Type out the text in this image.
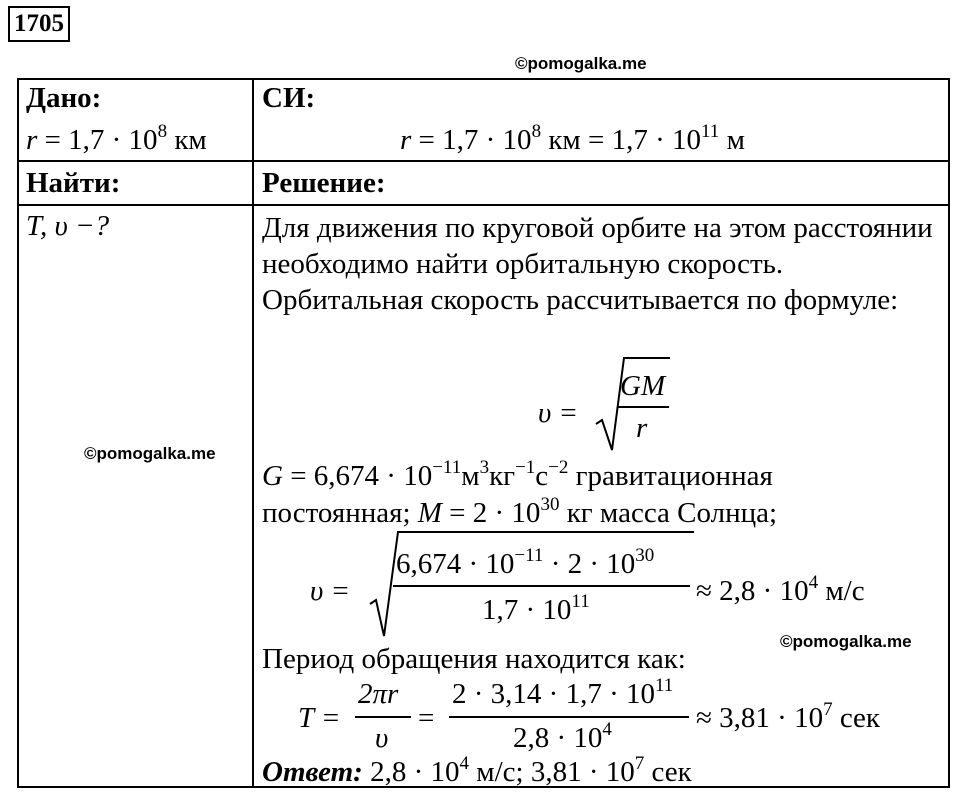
1705
©pomogalka.me
©pomogalka.me
©pomogalka.me
Дано:
$r = 1,7 \cdot 10^8$ км
Найти:
T, υ −?
СИ:
$r = 1,7 \cdot 10^8$ км = $1,7 \cdot 10^{11}$ м
Решение:
Для движения по круговой орбите на этом расстоянии необходимо найти орбитальную скорость. Орбитальная скорость рассчитывается по формуле:
υ =
GM
r
$G = 6,674 \cdot 10^{-11}м^3кг^{-1}с^{-2}$ гравитационная
постоянная; $M = 2 \cdot 10^{30}$ кг масса Солнца;
υ =
$6,674 \cdot 10^{-11} \cdot 2 \cdot 10^{30}$
$1,7 \cdot 10^{11}$	≈ $2,8 \cdot 10^4$ м/с
Период обращения находится как:
T =
2πr
υ
=
$2 \cdot 3,14 \cdot 1,7 \cdot 10^{11}$
$2,8 \cdot 10^4$	≈ $3,81 \cdot 10^7$ сек
Ответ: $2,8 \cdot 10^4$ м/с; $3,81 \cdot 10^7$ сек
